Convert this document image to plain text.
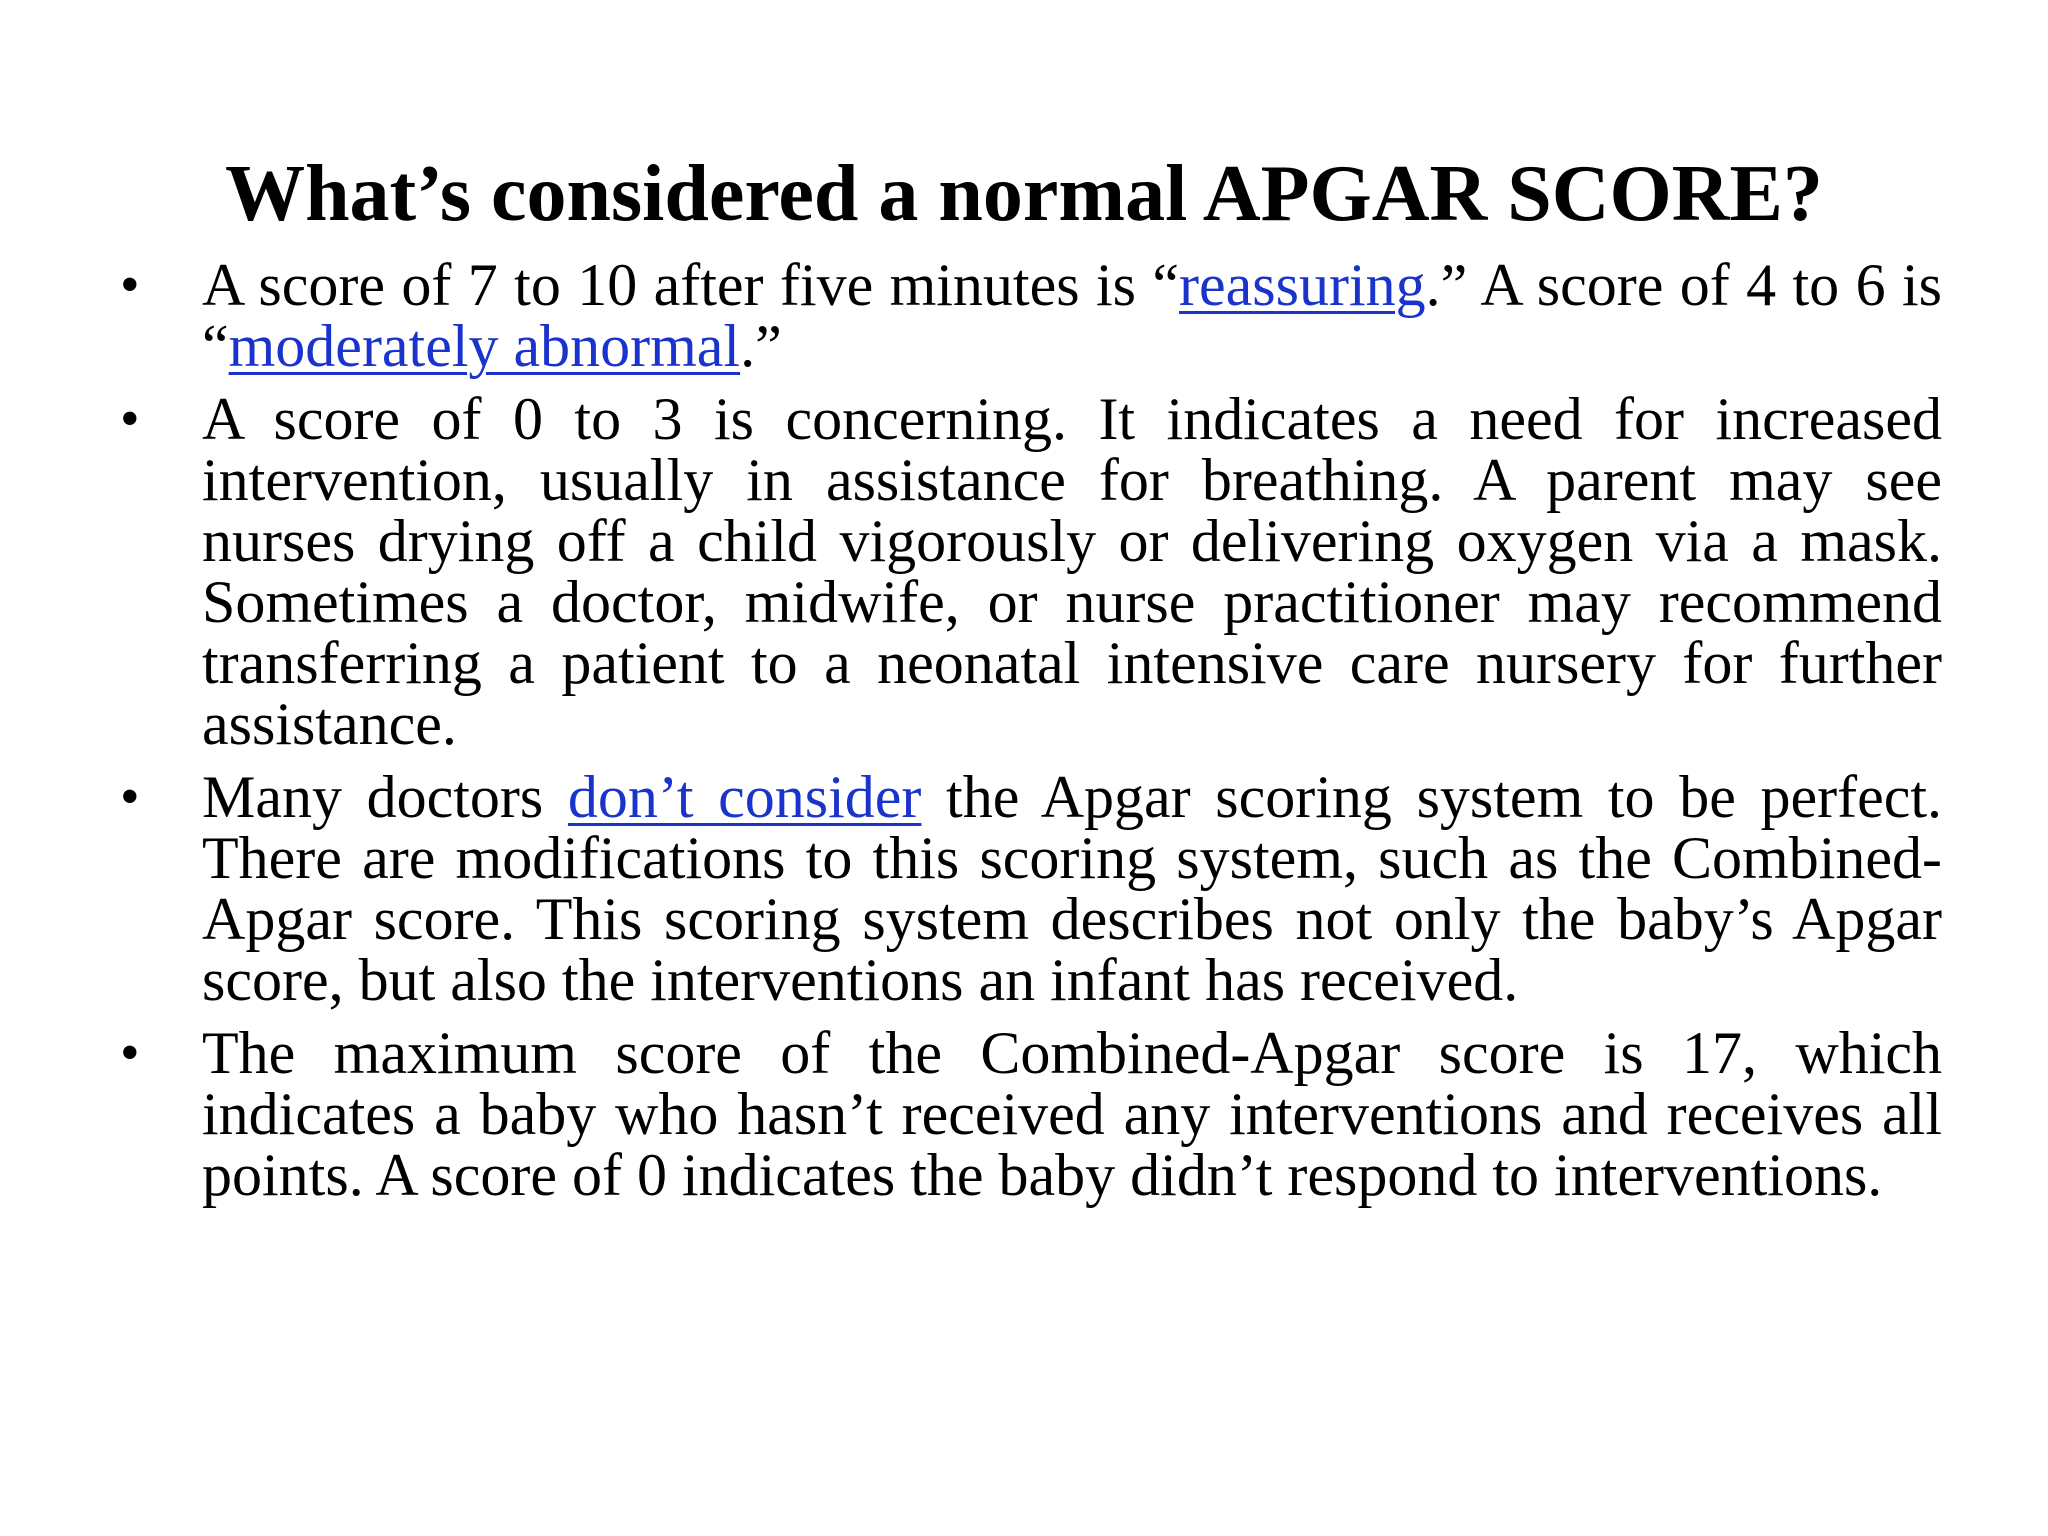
What’s considered a normal APGAR SCORE?
• A score of 7 to 10 after five minutes is “reassuring.” A score of 4 to 6 is “moderately abnormal.”
• A score of 0 to 3 is concerning. It indicates a need for increased intervention, usually in assistance for breathing. A parent may see nurses drying off a child vigorously or delivering oxygen via a mask. Sometimes a doctor, midwife, or nurse practitioner may recommend transferring a patient to a neonatal intensive care nursery for further assistance.
• Many doctors don’t consider the Apgar scoring system to be perfect. There are modifications to this scoring system, such as the Combined-Apgar score. This scoring system describes not only the baby’s Apgar score, but also the interventions an infant has received.
• The maximum score of the Combined-Apgar score is 17, which indicates a baby who hasn’t received any interventions and receives all points. A score of 0 indicates the baby didn’t respond to interventions.
